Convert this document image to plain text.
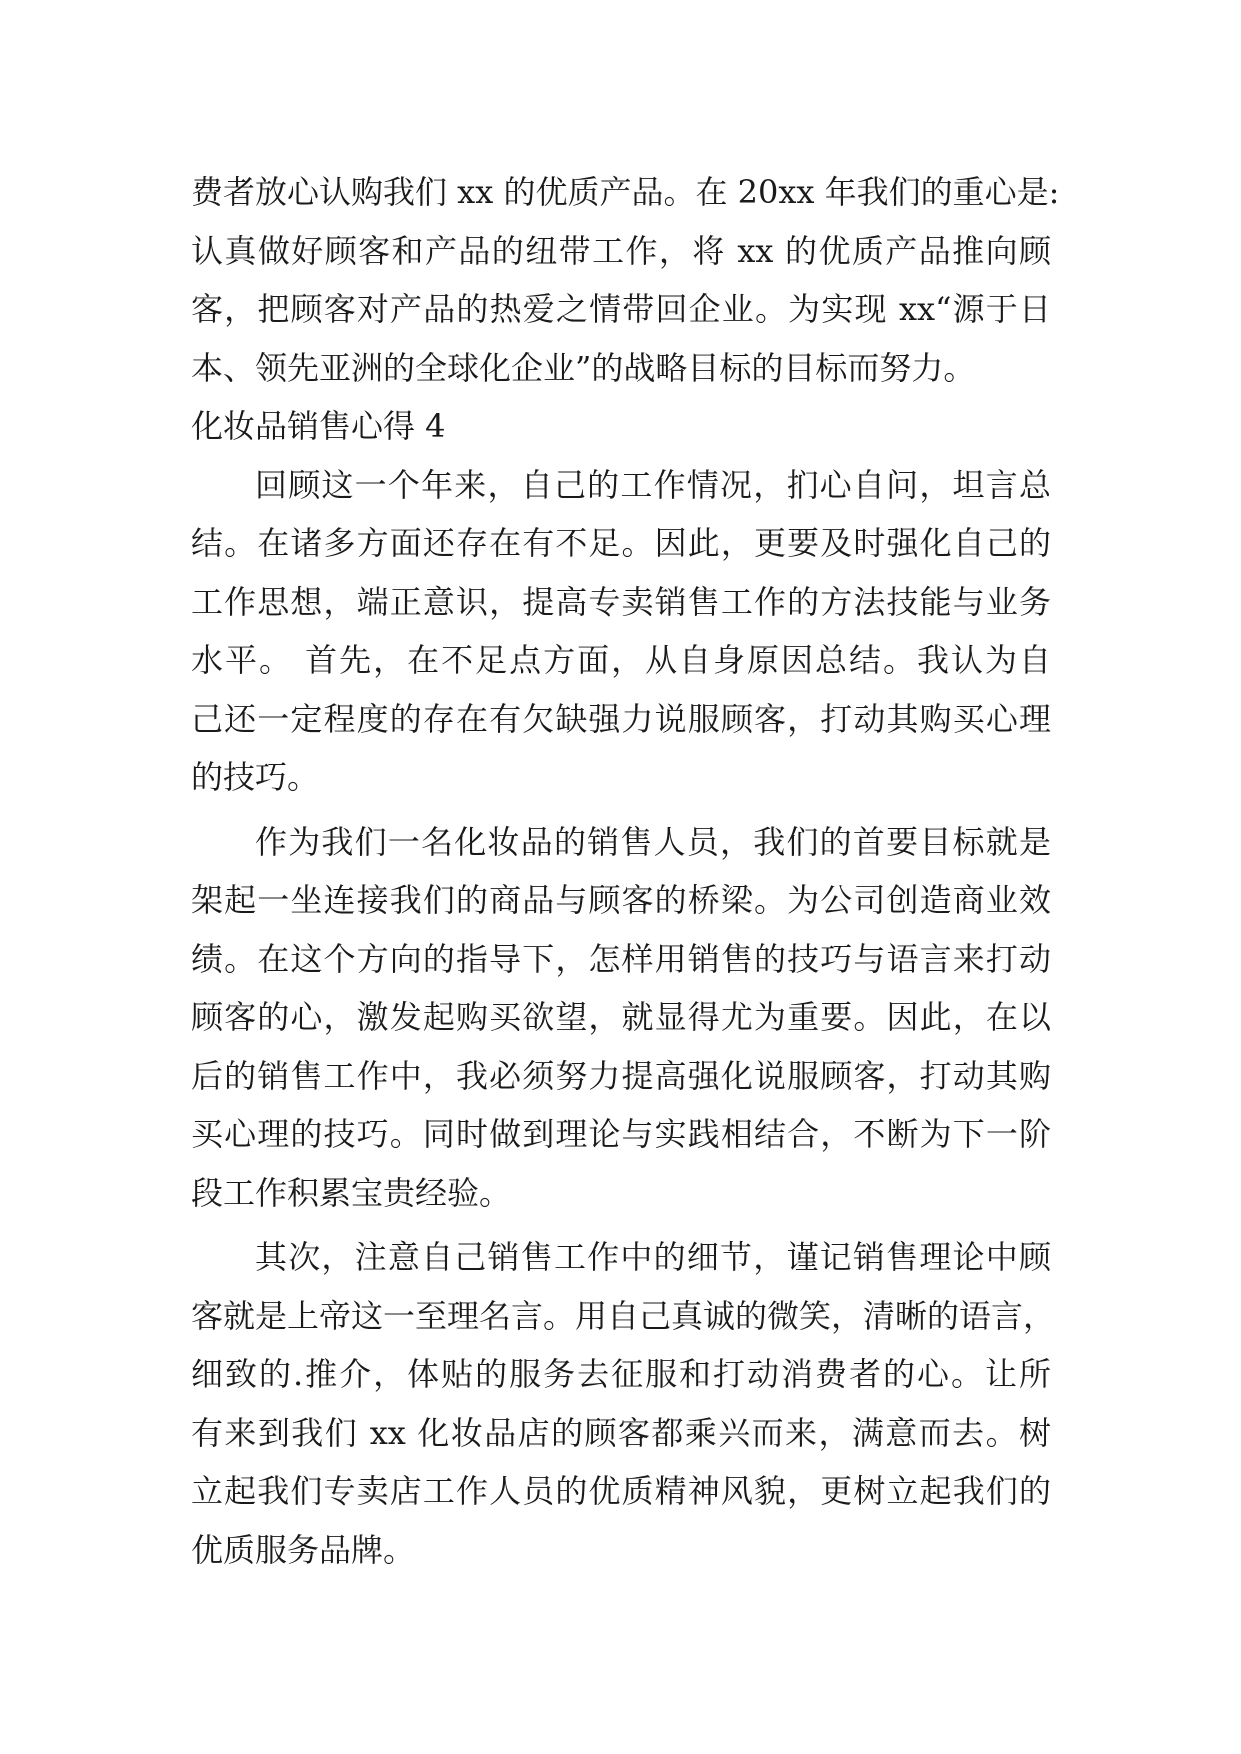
费者放心认购我们 xx 的优质产品。在 20xx 年我们的重心是:
认真做好顾客和产品的纽带工作，将 xx 的优质产品推向顾
客，把顾客对产品的热爱之情带回企业。为实现 xx“源于日
本、领先亚洲的全球化企业”的战略目标的目标而努力。
化妆品销售心得 4
回顾这一个年来，自己的工作情况，扪心自问，坦言总
结。在诸多方面还存在有不足。因此，更要及时强化自己的
工作思想，端正意识，提高专卖销售工作的方法技能与业务
水平。 首先，在不足点方面，从自身原因总结。我认为自
己还一定程度的存在有欠缺强力说服顾客，打动其购买心理
的技巧。
作为我们一名化妆品的销售人员，我们的首要目标就是
架起一坐连接我们的商品与顾客的桥梁。为公司创造商业效
绩。在这个方向的指导下，怎样用销售的技巧与语言来打动
顾客的心，激发起购买欲望，就显得尤为重要。因此，在以
后的销售工作中，我必须努力提高强化说服顾客，打动其购
买心理的技巧。同时做到理论与实践相结合，不断为下一阶
段工作积累宝贵经验。
其次，注意自己销售工作中的细节，谨记销售理论中顾
客就是上帝这一至理名言。用自己真诚的微笑，清晰的语言，
细致的.推介，体贴的服务去征服和打动消费者的心。让所
有来到我们 xx 化妆品店的顾客都乘兴而来，满意而去。树
立起我们专卖店工作人员的优质精神风貌，更树立起我们的
优质服务品牌。
